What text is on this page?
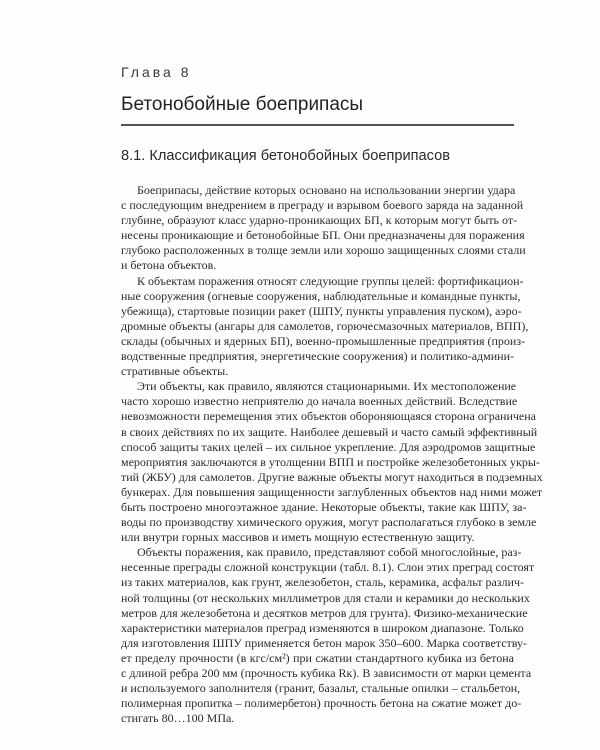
Глава 8
Бетонобойные боеприпасы
8.1. Классификация бетонобойных боеприпасов
Боеприпасы, действие которых основано на использовании энергии удара
с последующим внедрением в преграду и взрывом боевого заряда на заданной
глубине, образуют класс ударно-проникающих БП, к которым могут быть от-
несены проникающие и бетонобойные БП. Они предназначены для поражения
глубоко расположенных в толще земли или хорошо защищенных слоями стали
и бетона объектов.
К объектам поражения относят следующие группы целей: фортификацион-
ные сооружения (огневые сооружения, наблюдательные и командные пункты,
убежища), стартовые позиции ракет (ШПУ, пункты управления пуском), аэро-
дромные объекты (ангары для самолетов, горючесмазочных материалов, ВПП),
склады (обычных и ядерных БП), военно-промышленные предприятия (произ-
водственные предприятия, энергетические сооружения) и политико-админи-
стративные объекты.
Эти объекты, как правило, являются стационарными. Их местоположение
часто хорошо известно неприятелю до начала военных действий. Вследствие
невозможности перемещения этих объектов обороняющаяся сторона ограничена
в своих действиях по их защите. Наиболее дешевый и часто самый эффективный
способ защиты таких целей – их сильное укрепление. Для аэродромов защитные
мероприятия заключаются в утолщении ВПП и постройке железобетонных укры-
тий (ЖБУ) для самолетов. Другие важные объекты могут находиться в подземных
бункерах. Для повышения защищенности заглубленных объектов над ними может
быть построено многоэтажное здание. Некоторые объекты, такие как ШПУ, за-
воды по производству химического оружия, могут располагаться глубоко в земле
или внутри горных массивов и иметь мощную естественную защиту.
Объекты поражения, как правило, представляют собой многослойные, раз-
несенные преграды сложной конструкции (табл. 8.1). Слои этих преград состоят
из таких материалов, как грунт, железобетон, сталь, керамика, асфальт различ-
ной толщины (от нескольких миллиметров для стали и керамики до нескольких
метров для железобетона и десятков метров для грунта). Физико-механические
характеристики материалов преград изменяются в широком диапазоне. Только
для изготовления ШПУ применяется бетон марок 350–600. Марка соответству-
ет пределу прочности (в кгс/см²) при сжатии стандартного кубика из бетона
с длиной ребра 200 мм (прочность кубика Rк). В зависимости от марки цемента
и используемого заполнителя (гранит, базальт, стальные опилки – стальбетон,
полимерная пропитка – полимербетон) прочность бетона на сжатие может до-
стигать 80…100 МПа.
